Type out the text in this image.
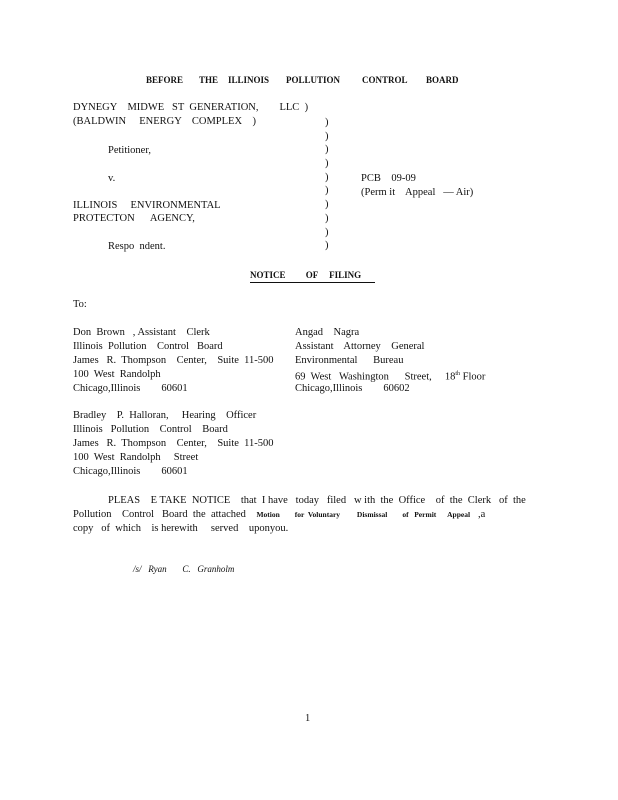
BEFORE THE ILLINOIS POLLUTION CONTROL BOARD
DYNEGY    MIDWE   ST  GENERATION,        LLC  )
(BALDWIN     ENERGY    COMPLEX    )
Petitioner,
v.
ILLINOIS     ENVIRONMENTAL
PROTECTON      AGENCY,
Respo  ndent.
)
)
)
)
)
)
)
)
)
)
PCB    09-09
(Perm it    Appeal   — Air)
NOTICE         OF     FILING
To:
Don  Brown   , Assistant    Clerk
Illinois  Pollution    Control   Board
James   R.  Thompson    Center,    Suite  11-500
100  West  Randolph
Chicago,Illinois        60601
Angad    Nagra
Assistant    Attorney    General
Environmental      Bureau
69  West   Washington      Street,     18th Floor
Chicago,Illinois        60602
Bradley    P.  Halloran,     Hearing    Officer
Illinois   Pollution    Control    Board
James   R.  Thompson    Center,    Suite  11-500
100  West  Randolph     Street
Chicago,Illinois        60601
PLEAS    E TAKE  NOTICE    that  I have   today   filed   w ith  the  Office    of  the  Clerk   of  the
Pollution    Control   Board  the  attached Motion        for  Voluntary         Dismissal        of   Permit      Appeal   ,a
copy   of  which    is herewith     served    uponyou.
/s/   Ryan       C.   Granholm
1
